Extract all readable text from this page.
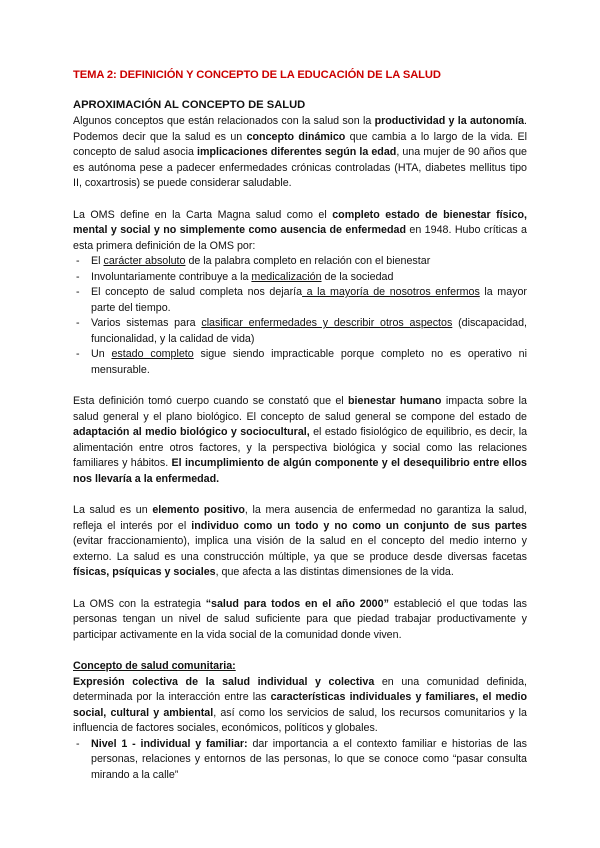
TEMA 2: DEFINICIÓN Y CONCEPTO DE LA EDUCACIÓN DE LA SALUD
APROXIMACIÓN AL CONCEPTO DE SALUD

Algunos conceptos que están relacionados con la salud son la productividad y la autonomía. Podemos decir que la salud es un concepto dinámico que cambia a lo largo de la vida. El concepto de salud asocia implicaciones diferentes según la edad, una mujer de 90 años que es autónoma pese a padecer enfermedades crónicas controladas (HTA, diabetes mellitus tipo II, coxartrosis) se puede considerar saludable.

La OMS define en la Carta Magna salud como el completo estado de bienestar físico, mental y social y no simplemente como ausencia de enfermedad en 1948. Hubo críticas a esta primera definición de la OMS por:

- El carácter absoluto de la palabra completo en relación con el bienestar
- Involuntariamente contribuye a la medicalización de la sociedad
- El concepto de salud completa nos dejaría a la mayoría de nosotros enfermos la mayor parte del tiempo.
- Varios sistemas para clasificar enfermedades y describir otros aspectos (discapacidad, funcionalidad, y la calidad de vida)
- Un estado completo sigue siendo impracticable porque completo no es operativo ni mensurable.

Esta definición tomó cuerpo cuando se constató que el bienestar humano impacta sobre la salud general y el plano biológico. El concepto de salud general se compone del estado de adaptación al medio biológico y sociocultural, el estado fisiológico de equilibrio, es decir, la alimentación entre otros factores, y la perspectiva biológica y social como las relaciones familiares y hábitos. El incumplimiento de algún componente y el desequilibrio entre ellos nos llevaría a la enfermedad.

La salud es un elemento positivo, la mera ausencia de enfermedad no garantiza la salud, refleja el interés por el individuo como un todo y no como un conjunto de sus partes (evitar fraccionamiento), implica una visión de la salud en el concepto del medio interno y externo. La salud es una construcción múltiple, ya que se produce desde diversas facetas físicas, psíquicas y sociales, que afecta a las distintas dimensiones de la vida.

La OMS con la estrategia “salud para todos en el año 2000” estableció el que todas las personas tengan un nivel de salud suficiente para que piedad trabajar productivamente y participar activamente en la vida social de la comunidad donde viven.

Concepto de salud comunitaria:

Expresión colectiva de la salud individual y colectiva en una comunidad definida, determinada por la interacción entre las características individuales y familiares, el medio social, cultural y ambiental, así como los servicios de salud, los recursos comunitarios y la influencia de factores sociales, económicos, políticos y globales.

- Nivel 1 - individual y familiar: dar importancia a el contexto familiar e historias de las personas, relaciones y entornos de las personas, lo que se conoce como “pasar consulta mirando a la calle”
